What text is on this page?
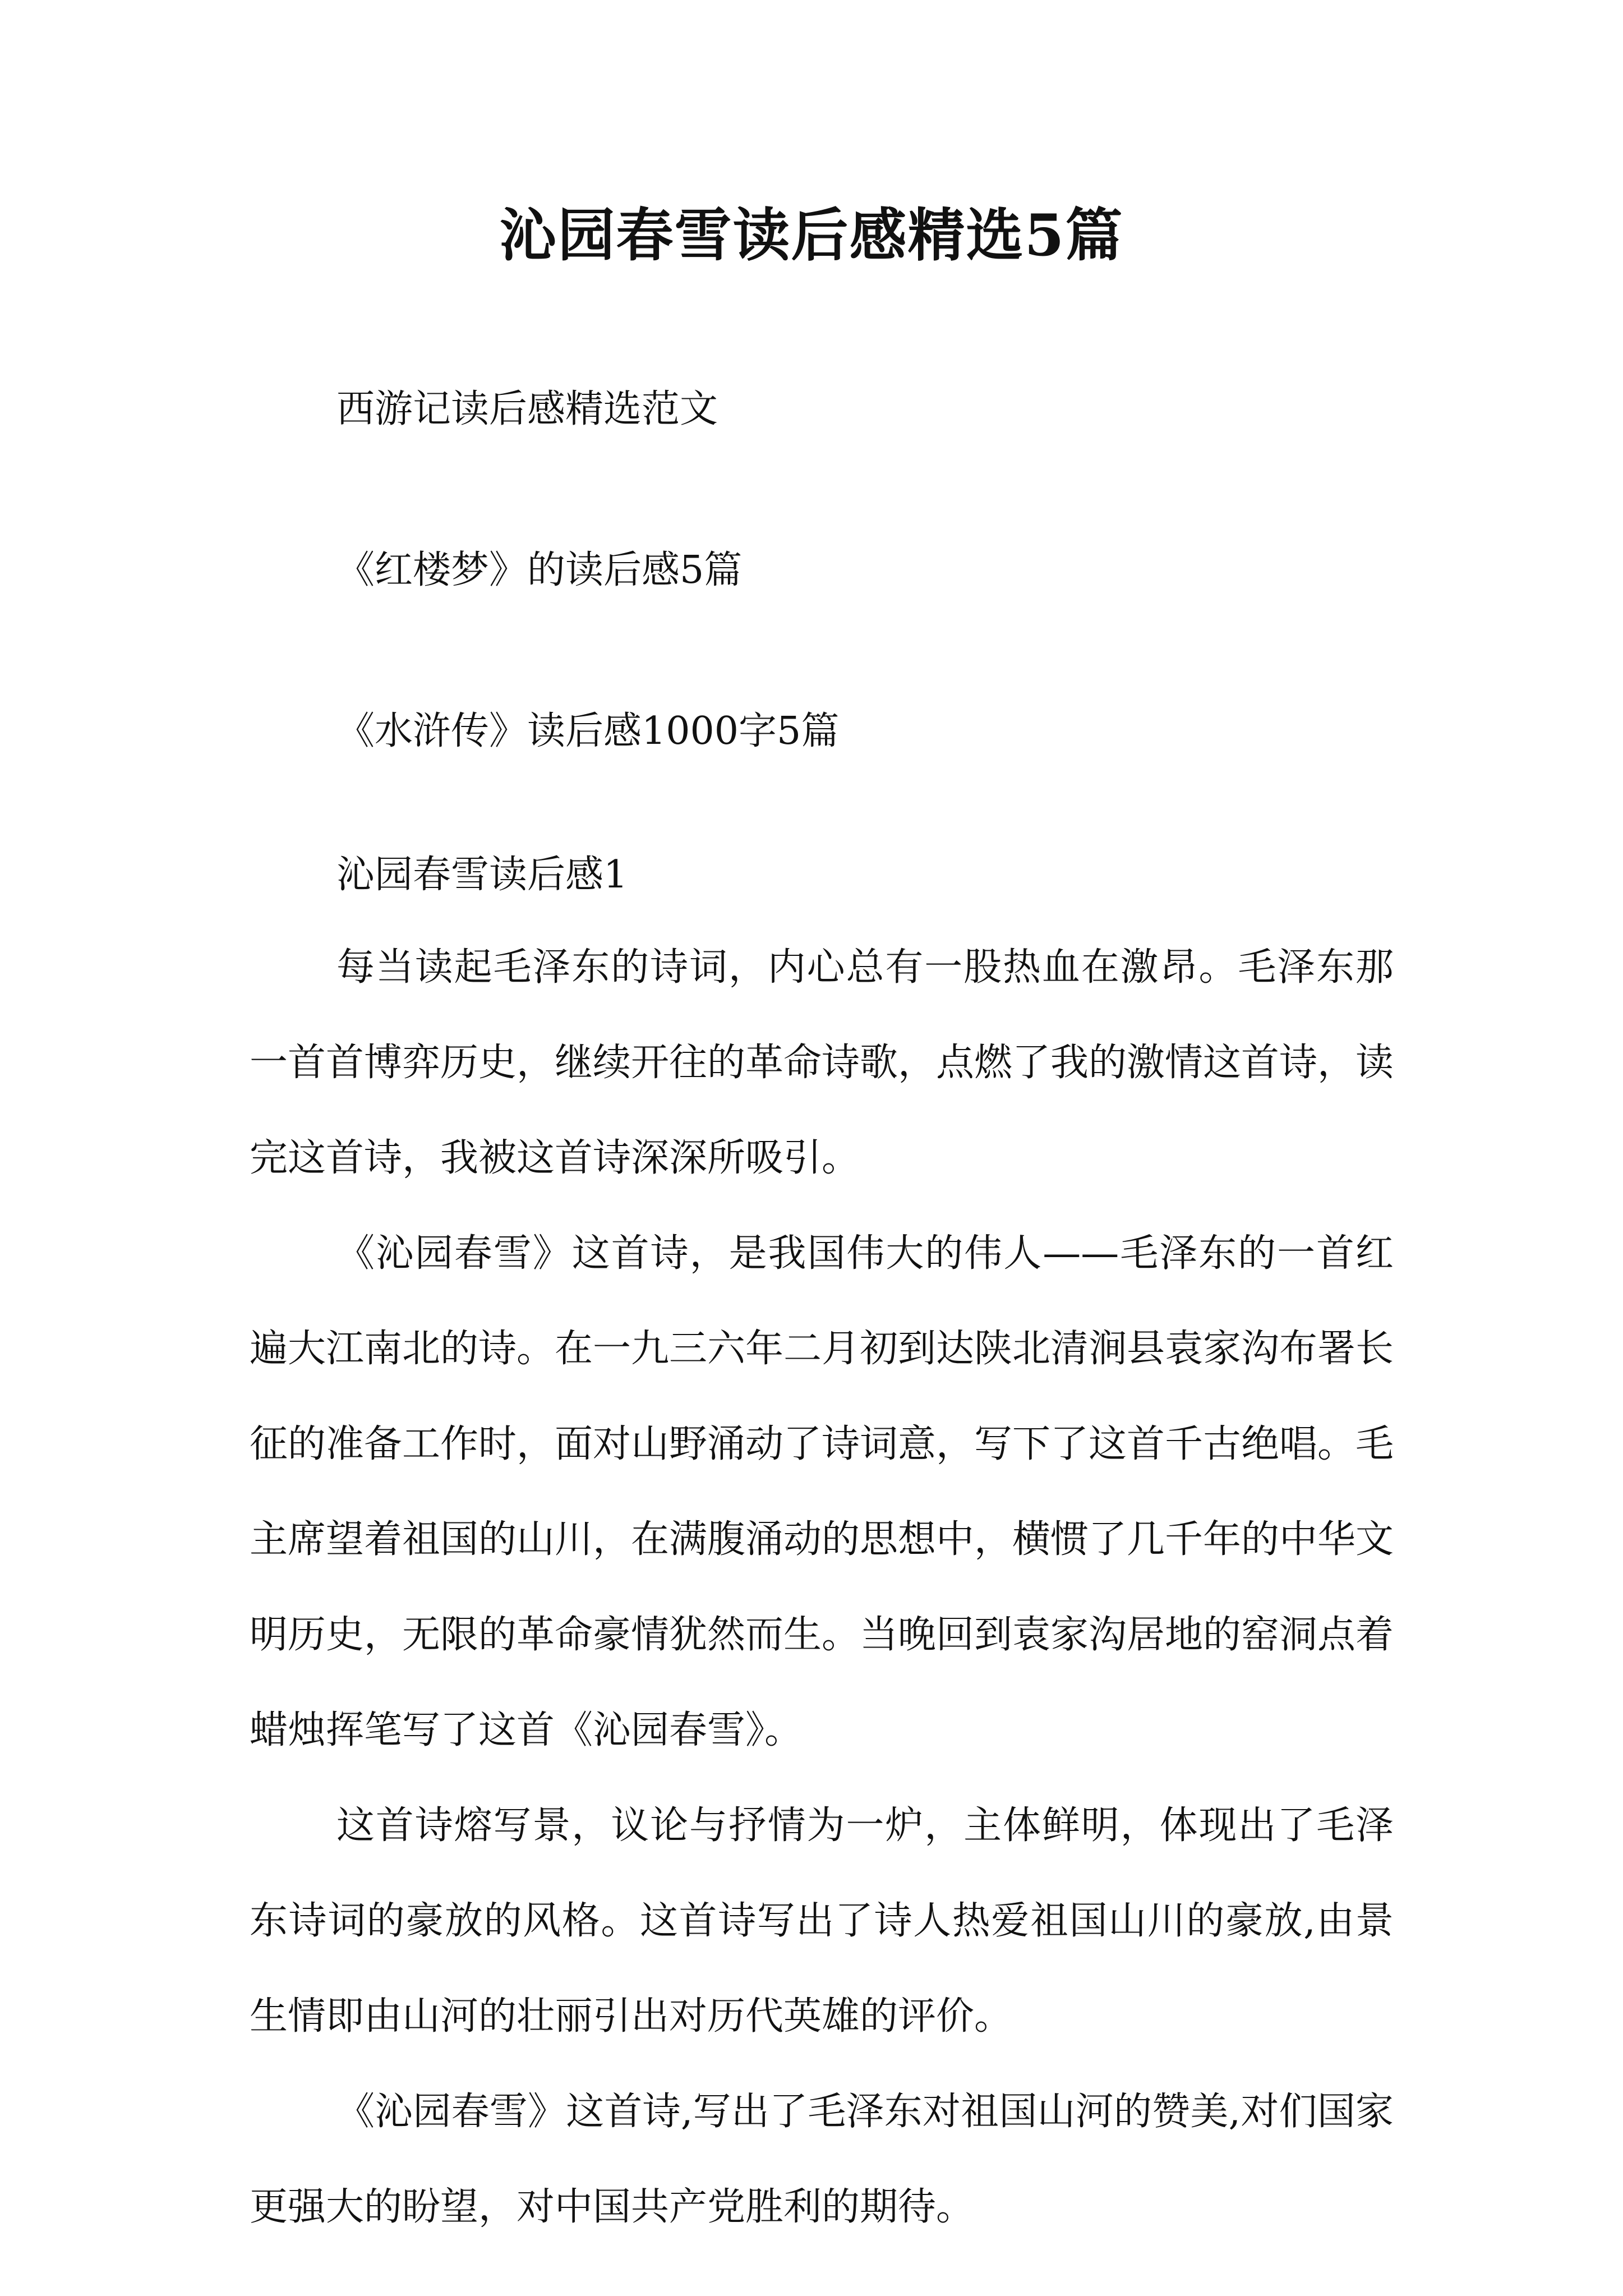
沁园春雪读后感精选5篇
西游记读后感精选范文
《红楼梦》的读后感5篇
《水浒传》读后感1000字5篇
沁园春雪读后感1

每当读起毛泽东的诗词，内心总有一股热血在激昂。毛泽东那一首首博弈历史，继续开往的革命诗歌，点燃了我的激情这首诗，读完这首诗，我被这首诗深深所吸引。

《沁园春雪》这首诗，是我国伟大的伟人——毛泽东的一首红遍大江南北的诗。在一九三六年二月初到达陕北清涧县袁家沟布署长征的准备工作时，面对山野涌动了诗词意，写下了这首千古绝唱。毛主席望着祖国的山川，在满腹涌动的思想中，横惯了几千年的中华文明历史，无限的革命豪情犹然而生。当晚回到袁家沟居地的窑洞点着蜡烛挥笔写了这首《沁园春雪》。

这首诗熔写景，议论与抒情为一炉，主体鲜明，体现出了毛泽东诗词的豪放的风格。这首诗写出了诗人热爱祖国山川的豪放,由景生情即由山河的壮丽引出对历代英雄的评价。

《沁园春雪》这首诗,写出了毛泽东对祖国山河的赞美,对们国家更强大的盼望，对中国共产党胜利的期待。
